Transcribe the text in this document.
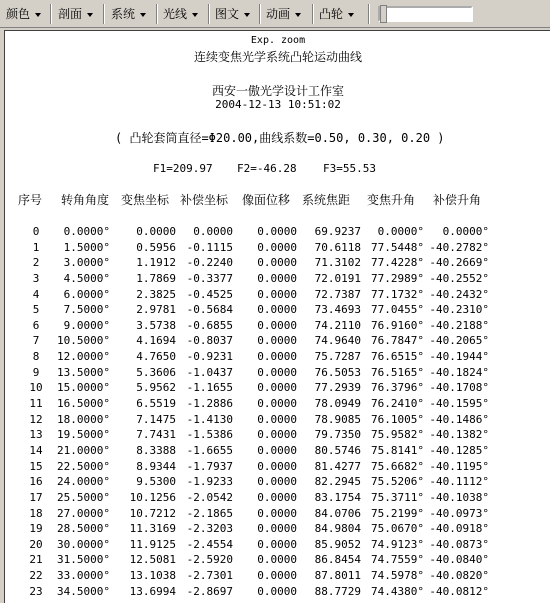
颜色	剖面	系统	光线	图文	动画	凸轮
Exp. zoom
连续变焦光学系统凸轮运动曲线
西安一傲光学设计工作室
2004-12-13 10:51:02
( 凸轮套筒直径=Φ20.00,曲线系数=0.50, 0.30, 0.20 )
F1=209.97 F2=-46.28 F3=55.53
序号 转角角度 变焦坐标 补偿坐标 像面位移 系统焦距 变焦升角 补偿升角
0	0.0000° 0.0000 0.0000 0.0000 69.9237 0.0000° 0.0000°
1	1.5000° 0.5956 -0.1115 0.0000 70.6118 77.5448° -40.2782°
2	3.0000° 1.1912 -0.2240 0.0000 71.3102 77.4228° -40.2669°
3	4.5000° 1.7869 -0.3377 0.0000 72.0191 77.2989° -40.2552°
4	6.0000° 2.3825 -0.4525 0.0000 72.7387 77.1732° -40.2432°
5	7.5000° 2.9781 -0.5684 0.0000 73.4693 77.0455° -40.2310°
6	9.0000° 3.5738 -0.6855 0.0000 74.2110 76.9160° -40.2188°
7	10.5000° 4.1694 -0.8037 0.0000 74.9640 76.7847° -40.2065°
8	12.0000° 4.7650 -0.9231 0.0000 75.7287 76.6515° -40.1944°
9	13.5000° 5.3606 -1.0437 0.0000 76.5053 76.5165° -40.1824°
10	15.0000° 5.9562 -1.1655 0.0000 77.2939 76.3796° -40.1708°
11	16.5000° 6.5519 -1.2886 0.0000 78.0949 76.2410° -40.1595°
12	18.0000° 7.1475 -1.4130 0.0000 78.9085 76.1005° -40.1486°
13	19.5000° 7.7431 -1.5386 0.0000 79.7350 75.9582° -40.1382°
14	21.0000° 8.3388 -1.6655 0.0000 80.5746 75.8141° -40.1285°
15	22.5000° 8.9344 -1.7937 0.0000 81.4277 75.6682° -40.1195°
16	24.0000° 9.5300 -1.9233 0.0000 82.2945 75.5206° -40.1112°
17	25.5000° 10.1256 -2.0542 0.0000 83.1754 75.3711° -40.1038°
18	27.0000° 10.7212 -2.1865 0.0000 84.0706 75.2199° -40.0973°
19	28.5000° 11.3169 -2.3203 0.0000 84.9804 75.0670° -40.0918°
20	30.0000° 11.9125 -2.4554 0.0000 85.9052 74.9123° -40.0873°
21	31.5000° 12.5081 -2.5920 0.0000 86.8454 74.7559° -40.0840°
22	33.0000° 13.1038 -2.7301 0.0000 87.8011 74.5978° -40.0820°
23	34.5000° 13.6994 -2.8697 0.0000 88.7729 74.4380° -40.0812°
